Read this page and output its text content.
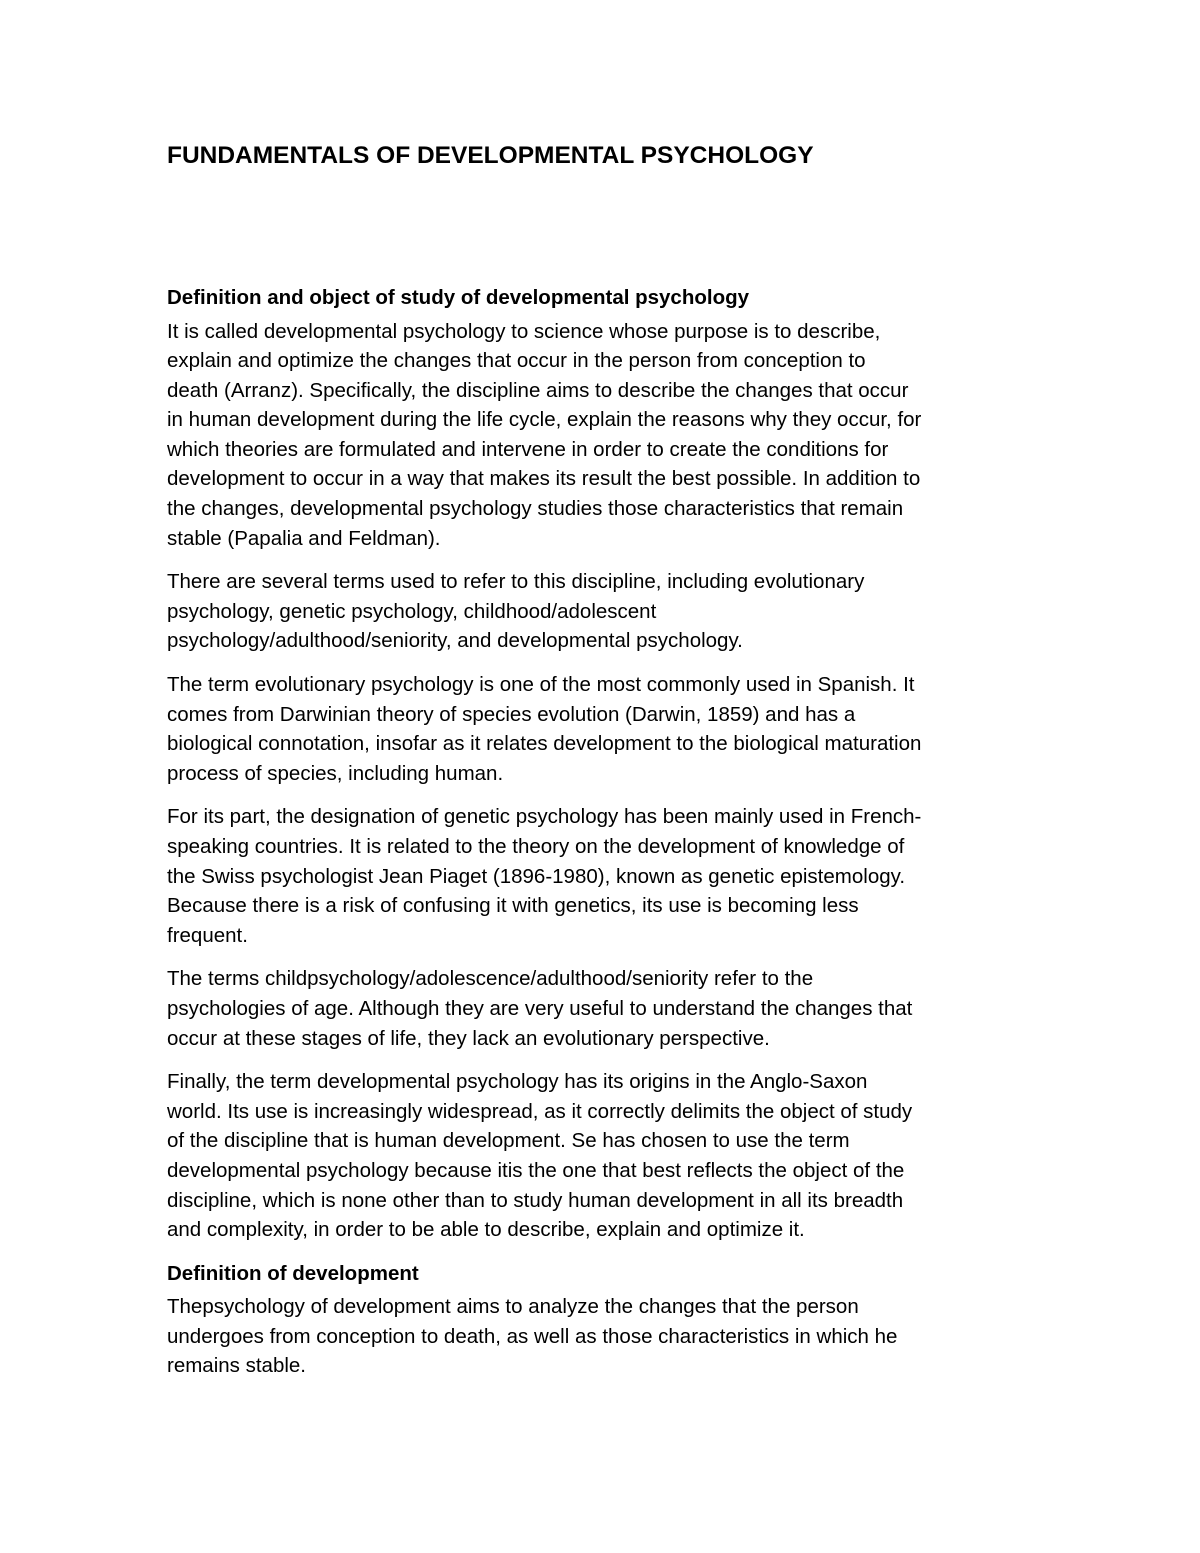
FUNDAMENTALS OF DEVELOPMENTAL PSYCHOLOGY
Definition and object of study of developmental psychology

It is called developmental psychology to science whose purpose is to describe,
explain and optimize the changes that occur in the person from conception to
death (Arranz). Specifically, the discipline aims to describe the changes that occur
in human development during the life cycle, explain the reasons why they occur, for
which theories are formulated and intervene in order to create the conditions for
development to occur in a way that makes its result the best possible. In addition to
the changes, developmental psychology studies those characteristics that remain
stable (Papalia and Feldman).

There are several terms used to refer to this discipline, including evolutionary
psychology, genetic psychology, childhood/adolescent
psychology/adulthood/seniority, and developmental psychology.

The term evolutionary psychology is one of the most commonly used in Spanish. It
comes from Darwinian theory of species evolution (Darwin, 1859) and has a
biological connotation, insofar as it relates development to the biological maturation
process of species, including human.

For its part, the designation of genetic psychology has been mainly used in French-
speaking countries. It is related to the theory on the development of knowledge of
the Swiss psychologist Jean Piaget (1896-1980), known as genetic epistemology.
Because there is a risk of confusing it with genetics, its use is becoming less
frequent.

The terms childpsychology/adolescence/adulthood/seniority refer to the
psychologies of age. Although they are very useful to understand the changes that
occur at these stages of life, they lack an evolutionary perspective.

Finally, the term developmental psychology has its origins in the Anglo-Saxon
world. Its use is increasingly widespread, as it correctly delimits the object of study
of the discipline that is human development. Se has chosen to use the term
developmental psychology because itis the one that best reflects the object of the
discipline, which is none other than to study human development in all its breadth
and complexity, in order to be able to describe, explain and optimize it.

Definition of development

Thepsychology of development aims to analyze the changes that the person
undergoes from conception to death, as well as those characteristics in which he
remains stable.
